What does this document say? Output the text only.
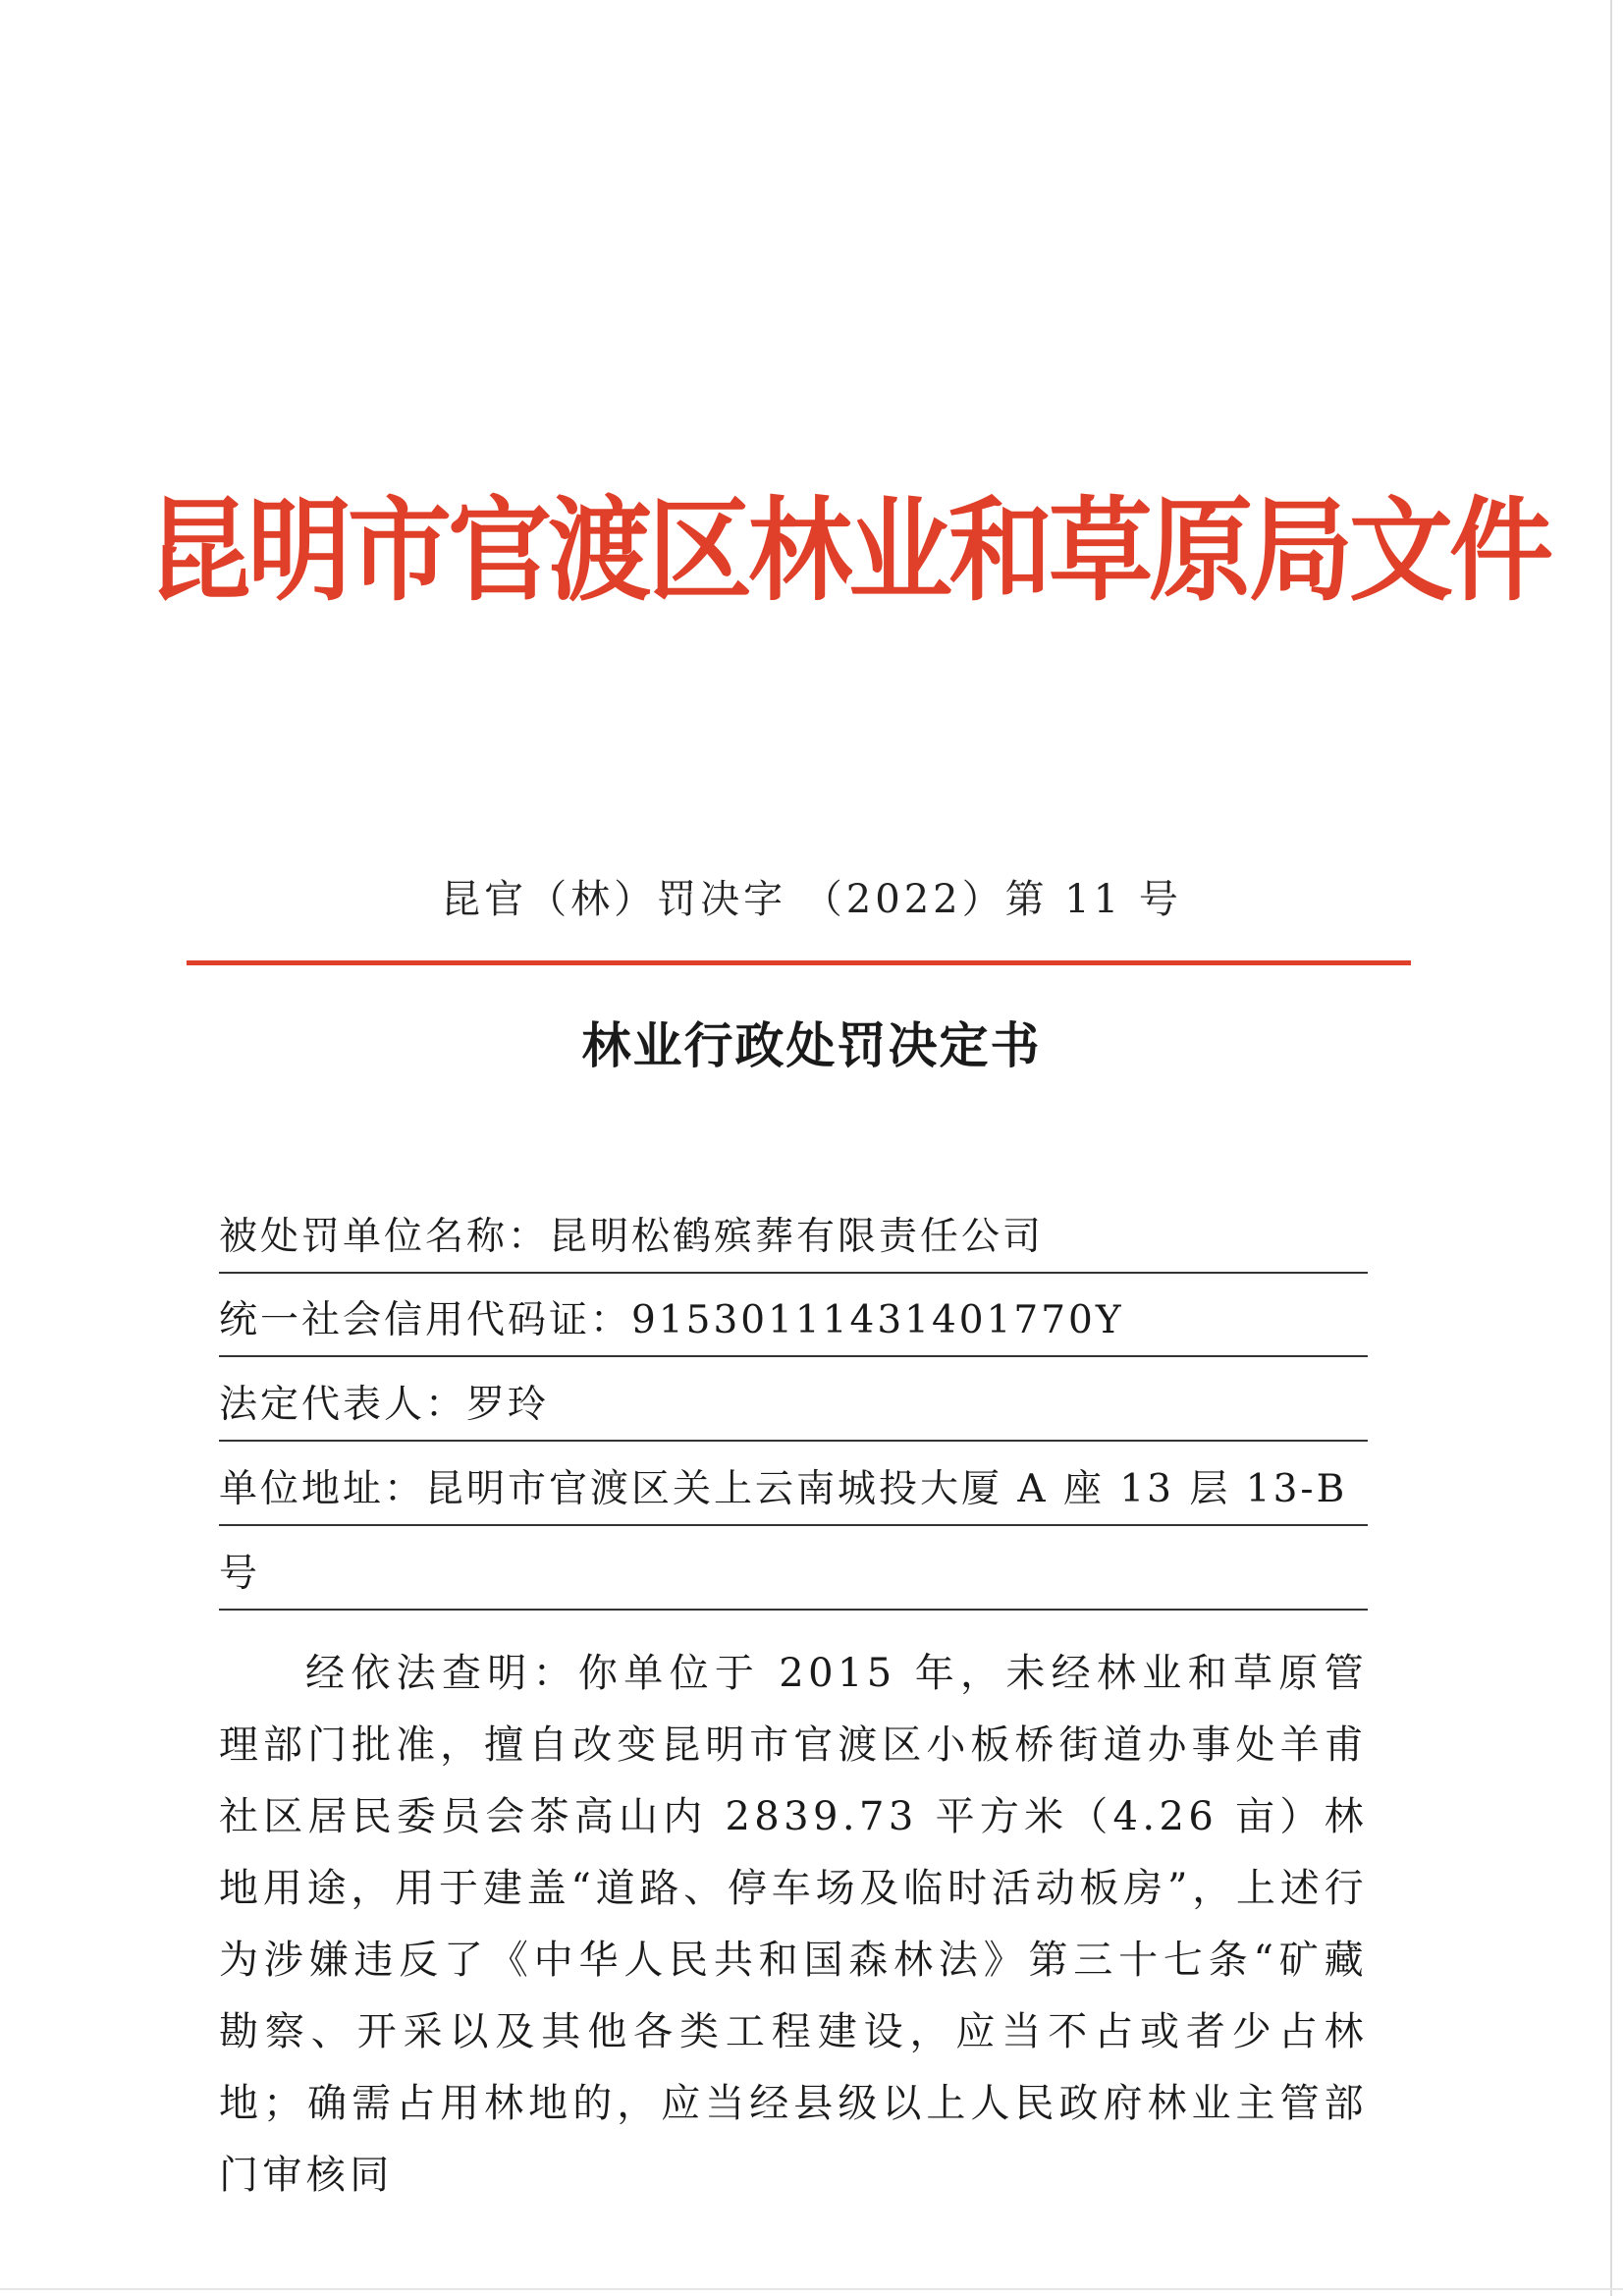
昆明市官渡区林业和草原局文件
昆官（林）罚决字 （2022）第 11 号
林业行政处罚决定书
被处罚单位名称：昆明松鹤殡葬有限责任公司
统一社会信用代码证：91530111431401770Y
法定代表人：罗玲
单位地址：昆明市官渡区关上云南城投大厦 A 座 13 层 13-B
号

经依法查明：你单位于 2015 年，未经林业和草原管理部门批准，擅自改变昆明市官渡区小板桥街道办事处羊甫社区居民委员会茶高山内 2839.73 平方米（4.26 亩）林地用途，用于建盖“道路、停车场及临时活动板房”，上述行为涉嫌违反了《中华人民共和国森林法》第三十七条“矿藏勘察、开采以及其他各类工程建设，应当不占或者少占林地；确需占用林地的，应当经县级以上人民政府林业主管部门审核同
